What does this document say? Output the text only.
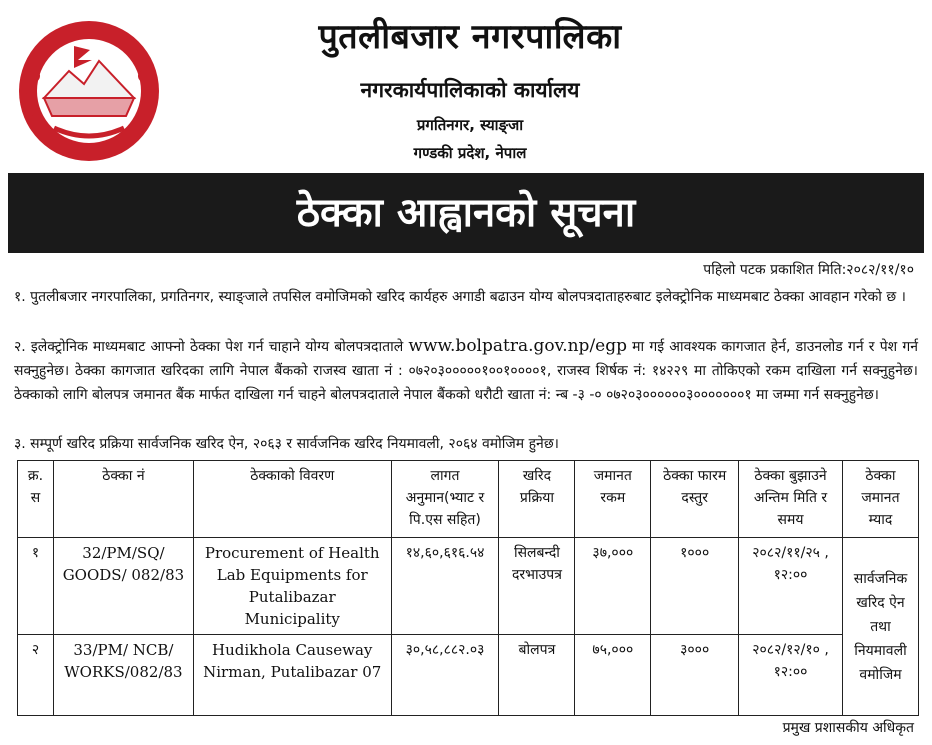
पुतलीबजार नगरपालिका
नगरकार्यपालिकाको कार्यालय
प्रगतिनगर, स्याङ्जा
गण्डकी प्रदेश, नेपाल
ठेक्का आह्वानको सूचना
पहिलो पटक प्रकाशित मिति:२०८२/११/१०
१. पुतलीबजार नगरपालिका, प्रगतिनगर, स्याङ्जाले तपसिल वमोजिमको खरिद कार्यहरु अगाडी बढाउन योग्य बोलपत्रदाताहरुबाट इलेक्ट्रोनिक माध्यमबाट ठेक्का आवहान गरेको छ ।
२. इलेक्ट्रोनिक माध्यमबाट आफ्नो ठेक्का पेश गर्न चाहाने योग्य बोलपत्रदाताले www.bolpatra.gov.np/egp मा गई आवश्यक कागजात हेर्न, डाउनलोड गर्न र पेश गर्न सक्नुहुनेछ। ठेक्का कागजात खरिदका लागि नेपाल बैंकको राजस्व खाता नं : ०७२०३०००००१००१००००१, राजस्व शिर्षक नं: १४२२९ मा तोकिएको रकम दाखिला गर्न सक्नुहुनेछ। ठेक्काको लागि बोलपत्र जमानत बैंक मार्फत दाखिला गर्न चाहने बोलपत्रदाताले नेपाल बैंकको धरौटी खाता नं: न्ब -३ -० ०७२०३००००००३०००००००१ मा जम्मा गर्न सक्नुहुनेछ।
३. सम्पूर्ण खरिद प्रक्रिया सार्वजनिक खरिद ऐन, २०६३ र सार्वजनिक खरिद नियमावली, २०६४ वमोजिम हुनेछ।
क्र. स	ठेक्का नं	ठेक्काको विवरण	लागत अनुमान(भ्याट र पि.एस सहित)	खरिद प्रक्रिया	जमानत रकम	ठेक्का फारम दस्तुर	ठेक्का बुझाउने अन्तिम मिति र समय	ठेक्का जमानत म्याद
१	32/PM/SQ/ GOODS/ 082/83	Procurement of Health Lab Equipments for Putalibazar Municipality	१४,६०,६१६.५४	सिलबन्दी दरभाउपत्र	३७,०००	१०००	२०८२/११/२५ , १२:००	सार्वजनिक खरिद ऐन तथा नियमावली वमोजिम
२	33/PM/ NCB/ WORKS/082/83	Hudikhola Causeway Nirman, Putalibazar 07	३०,५८,८८२.०३	बोलपत्र	७५,०००	३०००	२०८२/१२/१० , १२:००	
प्रमुख प्रशासकीय अधिकृत
